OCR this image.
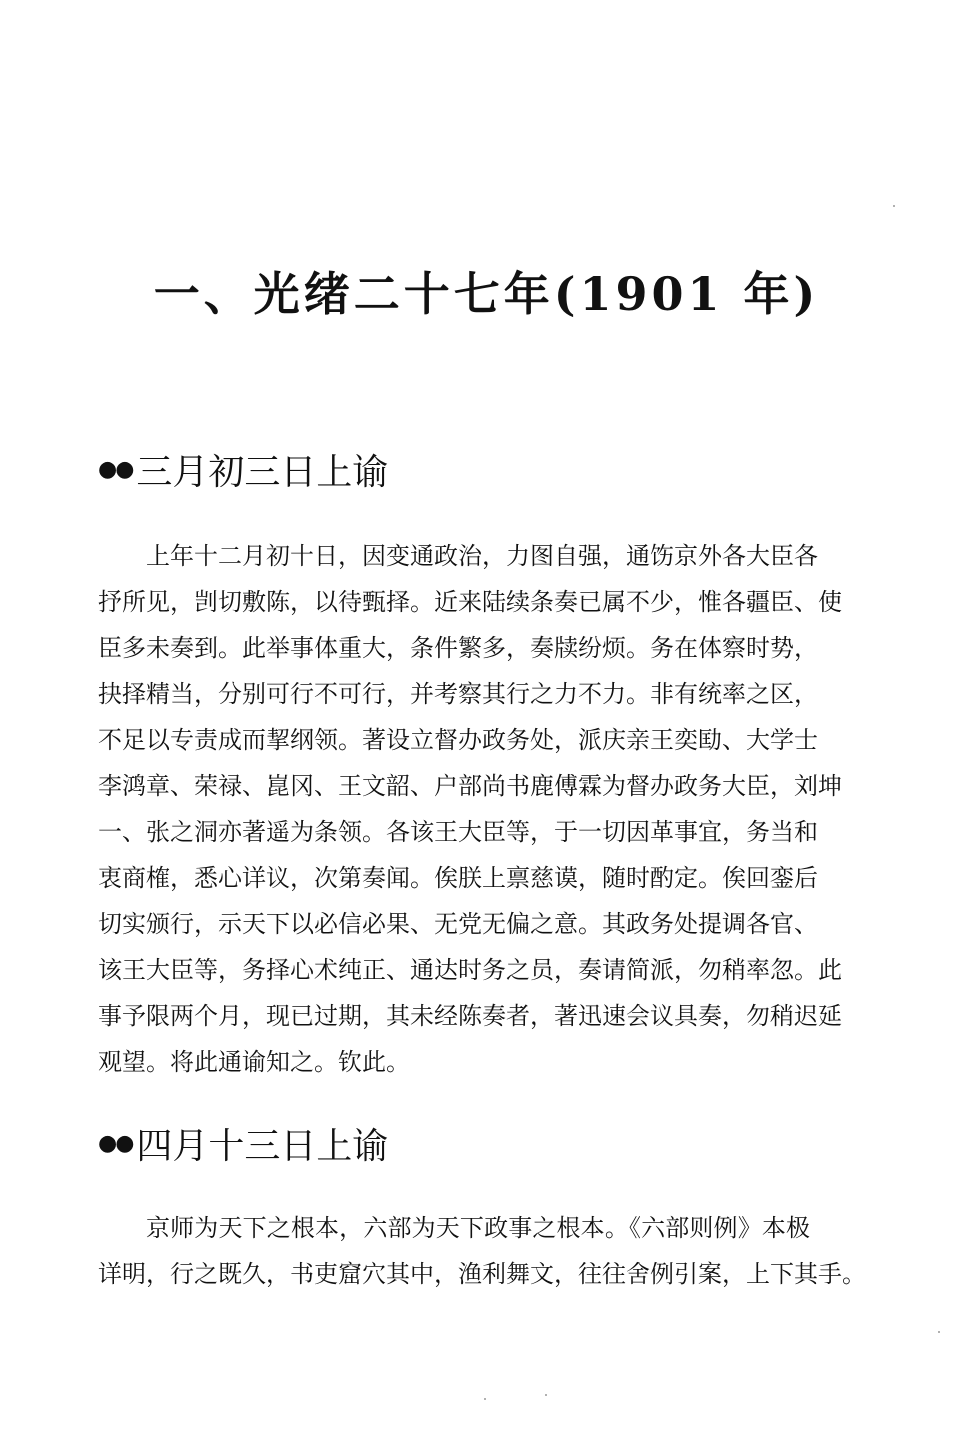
一、光绪二十七年(1901 年)
●● 三月初三日上谕
上年十二月初十日，因变通政治，力图自强，通饬京外各大臣各
抒所见，剀切敷陈，以待甄择。近来陆续条奏已属不少，惟各疆臣、使
臣多未奏到。此举事体重大，条件繁多，奏牍纷烦。务在体察时势，
抉择精当，分别可行不可行，并考察其行之力不力。非有统率之区，
不足以专责成而挈纲领。著设立督办政务处，派庆亲王奕劻、大学士
李鸿章、荣禄、崑冈、王文韶、户部尚书鹿傅霖为督办政务大臣，刘坤
一、张之洞亦著遥为条领。各该王大臣等，于一切因革事宜，务当和
衷商榷，悉心详议，次第奏闻。俟朕上禀慈谟，随时酌定。俟回銮后
切实颁行，示天下以必信必果、无党无偏之意。其政务处提调各官、
该王大臣等，务择心术纯正、通达时务之员，奏请简派，勿稍率忽。此
事予限两个月，现已过期，其未经陈奏者，著迅速会议具奏，勿稍迟延
观望。将此通谕知之。钦此。
●● 四月十三日上谕
京师为天下之根本，六部为天下政事之根本。《六部则例》本极
详明，行之既久，书吏窟穴其中，渔利舞文，往往舍例引案，上下其手。
